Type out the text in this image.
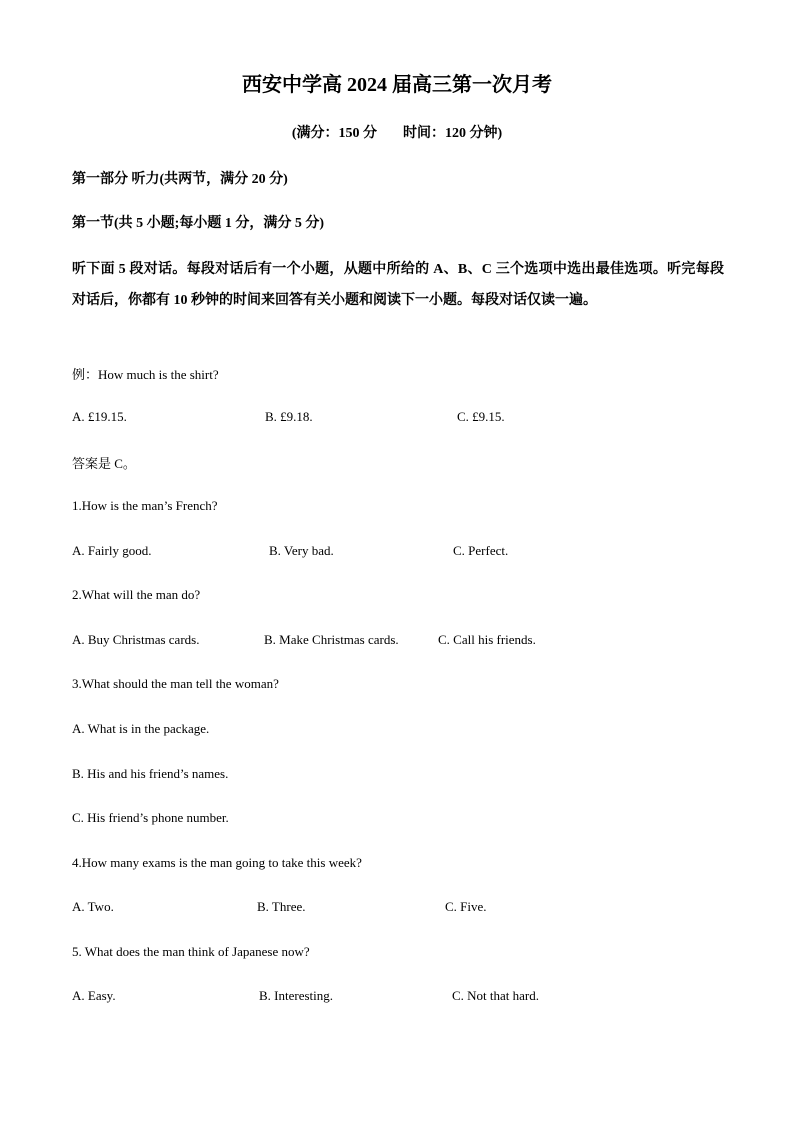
西安中学高 2024 届高三第一次月考
(满分：150 分 时间：120 分钟)
第一部分 听力(共两节，满分 20 分)
第一节(共 5 小题;每小题 1 分，满分 5 分)
听下面 5 段对话。每段对话后有一个小题，从题中所给的 A、B、C 三个选项中选出最佳选项。听完每段对话后，你都有 10 秒钟的时间来回答有关小题和阅读下一小题。每段对话仅读一遍。
例：How much is the shirt?
A. £19.15.	B. £9.18.	C. £9.15.
答案是 C。
1.How is the man’s French?
A. Fairly good.	B. Very bad.	C. Perfect.
2.What will the man do?
A. Buy Christmas cards.	B. Make Christmas cards.	C. Call his friends.
3.What should the man tell the woman?
A. What is in the package.
B. His and his friend’s names.
C. His friend’s phone number.
4.How many exams is the man going to take this week?
A. Two.	B. Three.	C. Five.
5. What does the man think of Japanese now?
A. Easy.	B. Interesting.	C. Not that hard.
